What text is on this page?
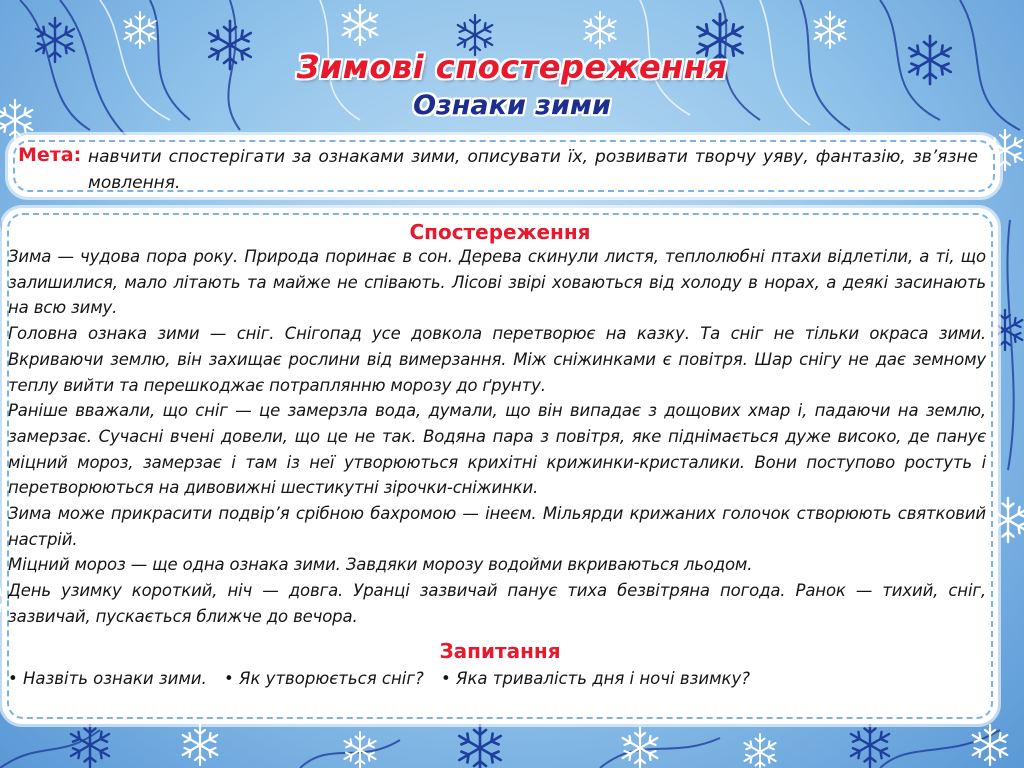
Зимові спостереження
Ознаки зими
Мета: навчити спостерігати за ознаками зими, описувати їх, розвивати творчу уяву, фантазію, зв’язне мовлення.
Спостереження

Зима — чудова пора року. Природа поринає в сон. Дерева скинули листя, теплолюбні птахи відлетіли, а ті, що залишилися, мало літають та майже не співають. Лісові звірі ховаються від холоду в норах, а деякі засинають на всю зиму.

Головна ознака зими — сніг. Снігопад усе довкола перетворює на казку. Та сніг не тільки окраса зими. Вкриваючи землю, він захищає рослини від вимерзання. Між сніжинками є повітря. Шар снігу не дає земному теплу вийти та перешкоджає потраплянню морозу до ґрунту.

Раніше вважали, що сніг — це замерзла вода, думали, що він випадає з дощових хмар і, падаючи на землю, замерзає. Сучасні вчені довели, що це не так. Водяна пара з повітря, яке піднімається дуже високо, де панує міцний мороз, замерзає і там із неї утворюються крихітні крижинки-кристалики. Вони поступово ростуть і перетворюються на дивовижні шестикутні зірочки-сніжинки.

Зима може прикрасити подвір’я срібною бахромою — інеєм. Мільярди крижаних голочок створюють святковий настрій.

Міцний мороз — ще одна ознака зими. Завдяки морозу водойми вкриваються льодом.

День узимку короткий, ніч — довга. Уранці зазвичай панує тиха безвітряна погода. Ранок — тихий, сніг, зазвичай, пускається ближче до вечора.

Запитання
• Назвіть ознаки зими. • Як утворюється сніг? • Яка тривалість дня і ночі взимку?
